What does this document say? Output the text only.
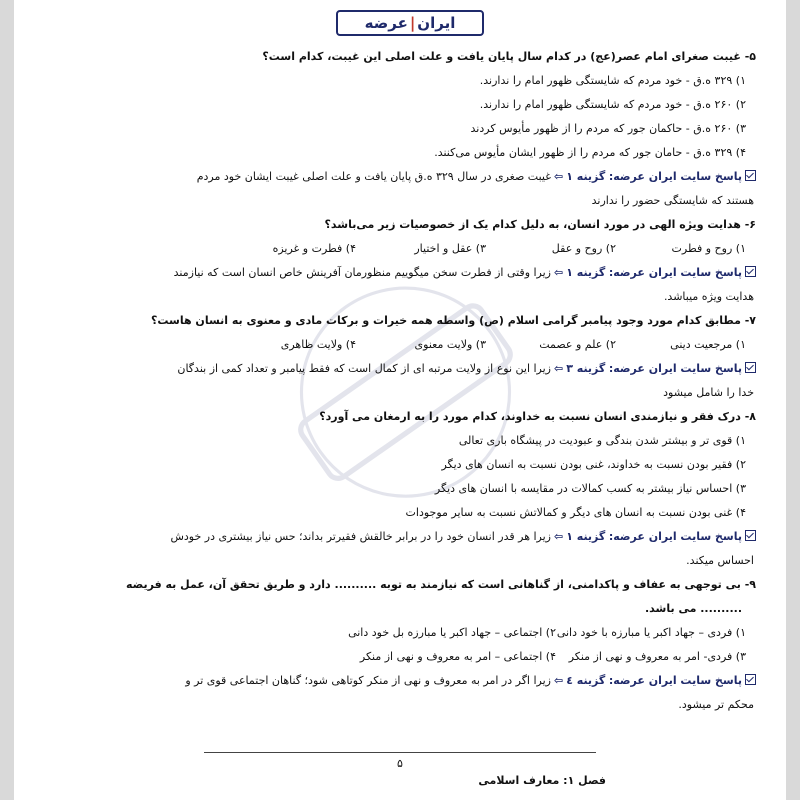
ایران
|
عرضه
۵- غیبت صغرای امام عصر(عج) در کدام سال پایان یافت و علت اصلی این غیبت، کدام است؟
۱) ۳۲۹ ه.ق - خود مردم که شایستگی ظهور امام را ندارند.
۲) ۲۶۰ ه.ق - خود مردم که شایستگی ظهور امام را ندارند.
۳) ۲۶۰ ه.ق - حاکمان جور که مردم را از ظهور مأیوس کردند
۴) ۳۲۹ ه.ق - حامان جور که مردم را از ظهور ایشان مأیوس می‌کنند.
پاسخ سایت ایران عرضه: گزینه ۱⇦غیبت صغری در سال ۳۲۹ ه.ق پایان یافت و علت اصلی غیبت ایشان خود مردم
هستند که شایستگی حضور را ندارند
۶- هدایت ویژه الهی در مورد انسان، به دلیل کدام یک از خصوصیات زیر می‌باشد؟
۱) روح و فطرت
۲) روح و عقل
۳) عقل و اختیار
۴) فطرت و غریزه
پاسخ سایت ایران عرضه: گزینه ۱⇦زیرا وقتی از فطرت سخن میگوییم منظورمان آفرینش خاص انسان است که نیازمند
هدایت ویژه میباشد.
۷- مطابق کدام مورد وجود پیامبر گرامی اسلام (ص) واسطه همه خیرات و برکات مادی و معنوی به انسان هاست؟
۱) مرجعیت دینی
۲) علم و عصمت
۳) ولایت معنوی
۴) ولایت ظاهری
پاسخ سایت ایران عرضه: گزینه ۳⇦زیرا این نوع از ولایت مرتبه ای از کمال است که فقط پیامبر و تعداد کمی از بندگان
خدا را شامل میشود
۸- درک فقر و نیازمندی انسان نسبت به خداوند، کدام مورد را به ارمغان می آورد؟
۱) قوی تر و بیشتر شدن بندگی و عبودیت در پیشگاه باری تعالی
۲) فقیر بودن نسبت به خداوند، غنی بودن نسبت به انسان های دیگر
۳) احساس نیاز بیشتر به کسب کمالات در مقایسه با انسان های دیگر
۴) غنی بودن نسبت به انسان های دیگر و کمالاتش نسبت به سایر موجودات
پاسخ سایت ایران عرضه: گزینه ۱⇦زیرا هر قدر انسان خود را در برابر خالقش فقیرتر بداند؛ حس نیاز بیشتری در خودش
احساس میکند.
۹- بی توجهی به عفاف و پاکدامنی، از گناهانی است که نیازمند به توبه .......... دارد و طریق تحقق آن، عمل به فریضه
.......... می باشد.
۱) فردی – جهاد اکبر یا مبارزه با خود دانی
۲) اجتماعی – جهاد اکبر یا مبارزه بل خود دانی
۳) فردی- امر به معروف و نهی از منکر
۴) اجتماعی – امر به معروف و نهی از منکر
پاسخ سایت ایران عرضه: گزینه ٤⇦زیرا اگر در امر به معروف و نهی از منکر کوتاهی شود؛ گناهان اجتماعی قوی تر و
محکم تر میشود.
۵
فصل ۱: معارف اسلامی
